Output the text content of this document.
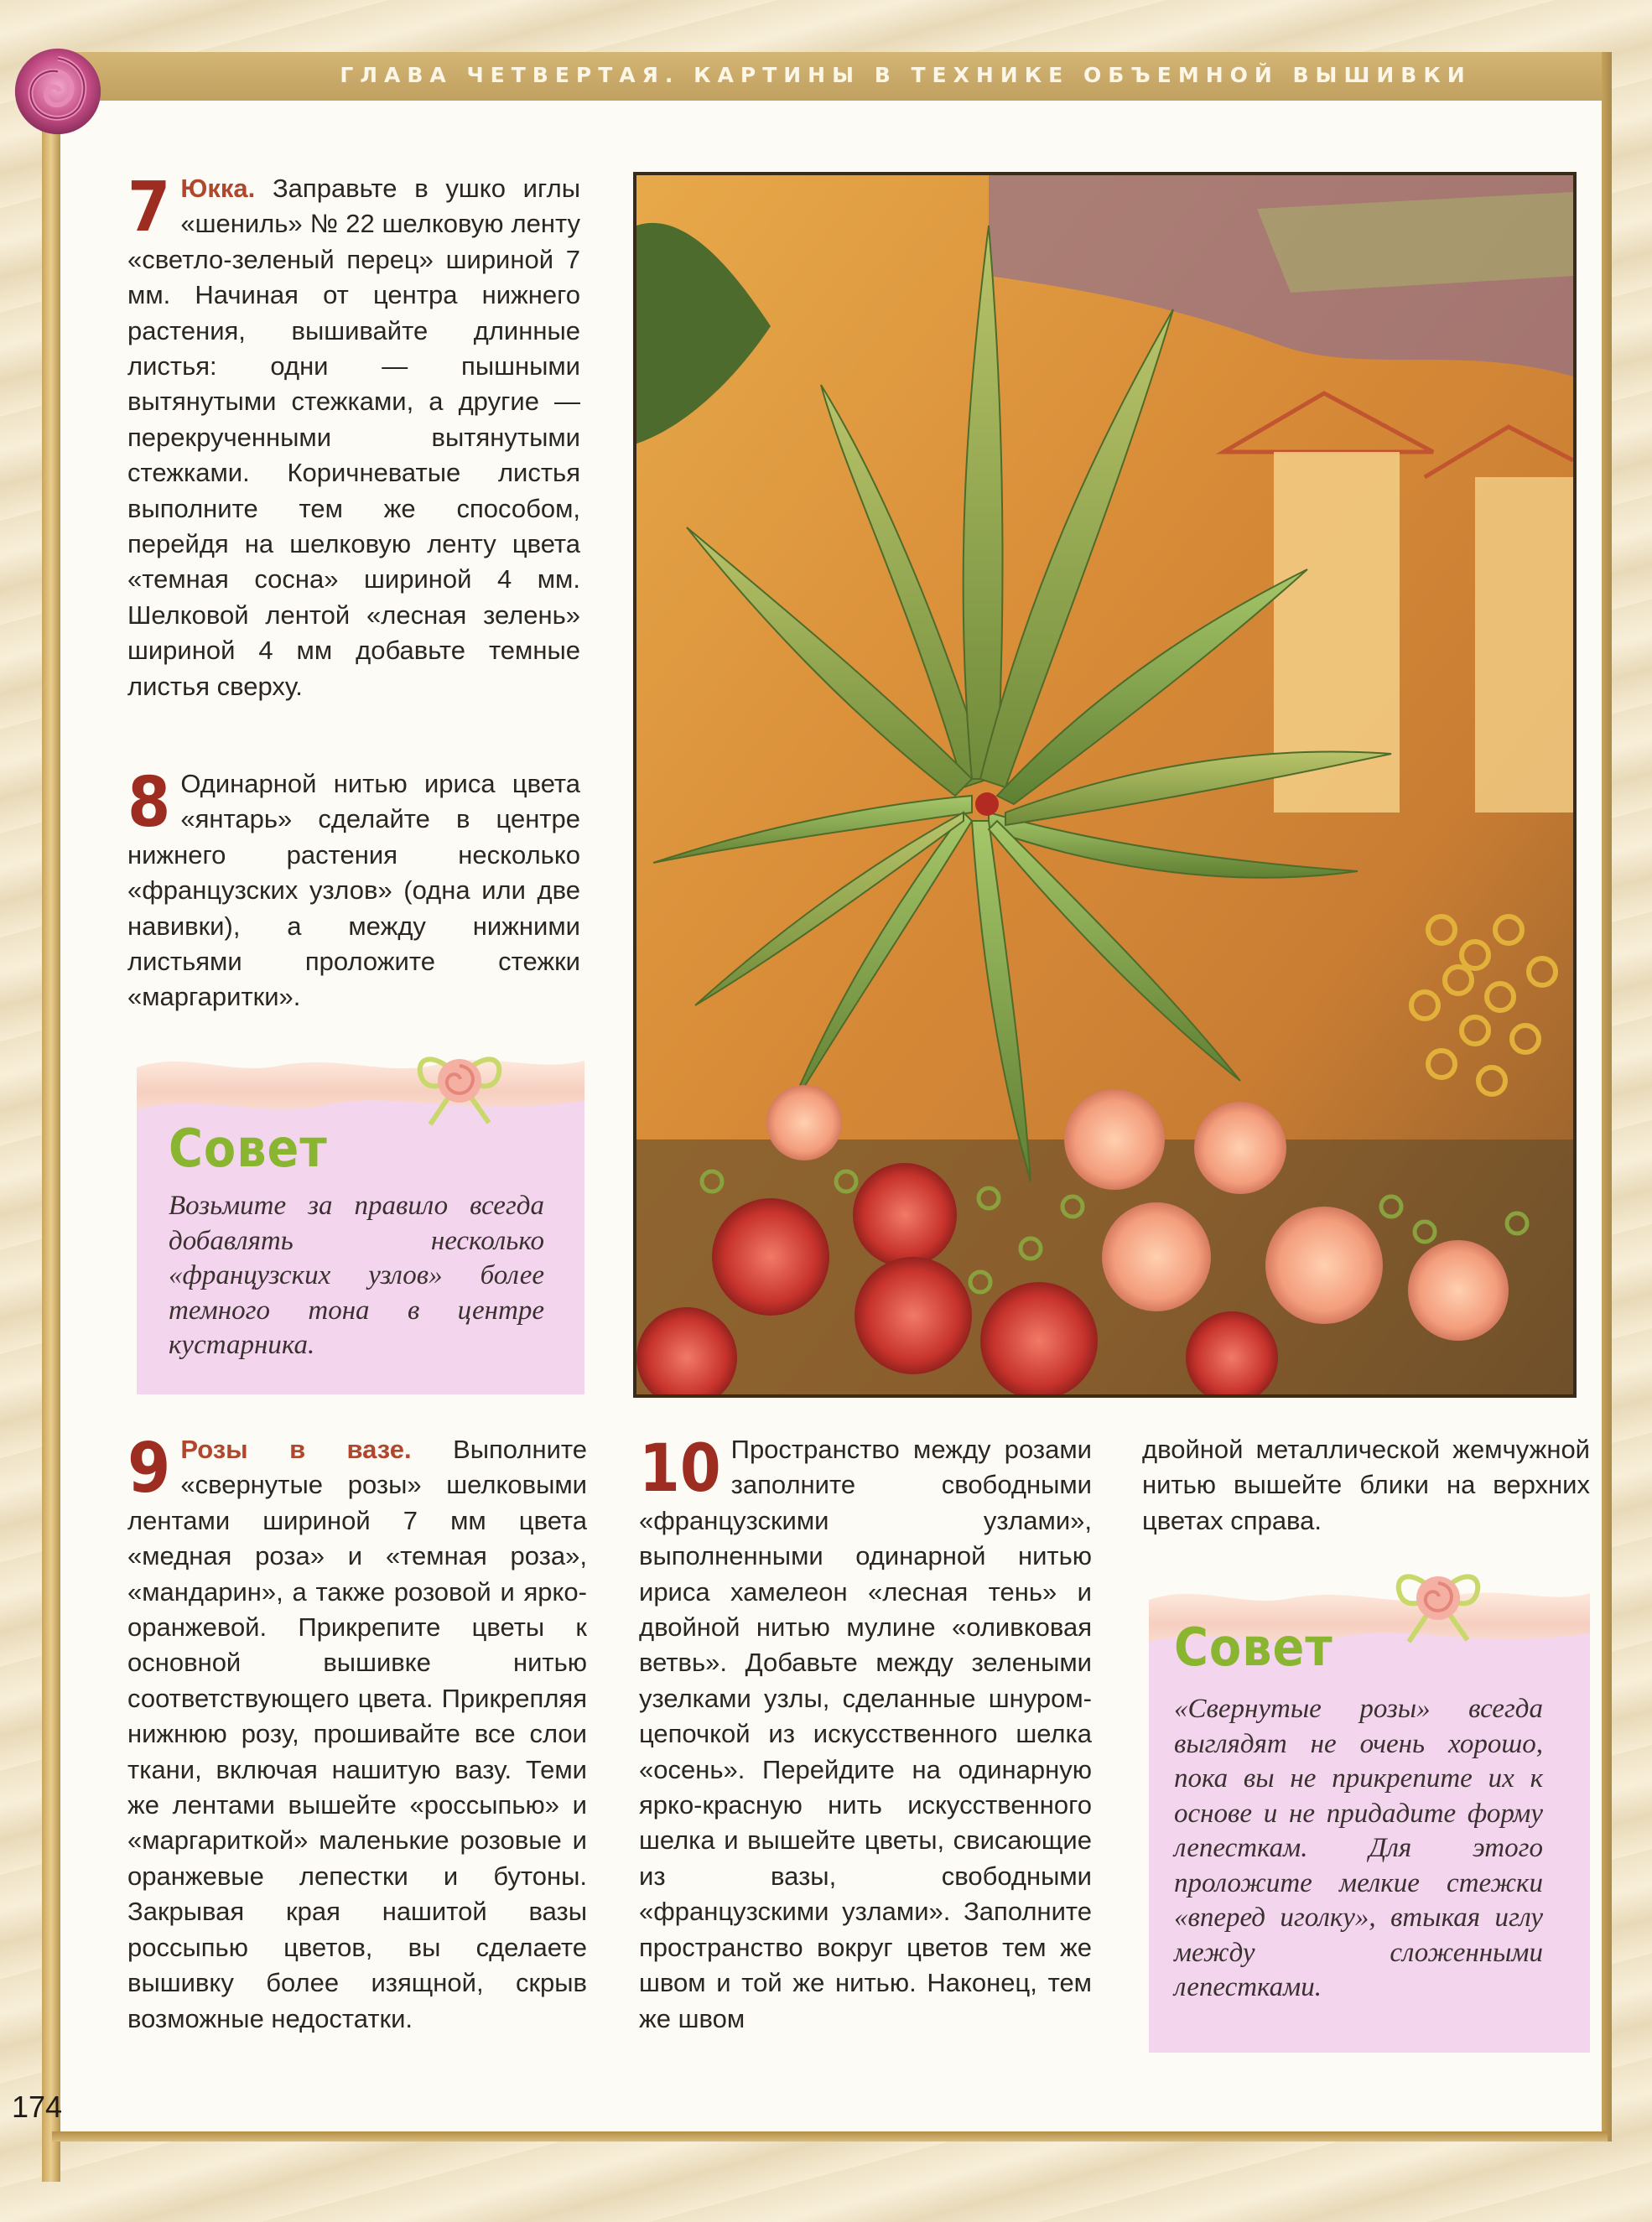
ГЛАВА ЧЕТВЕРТАЯ. КАРТИНЫ В ТЕХНИКЕ ОБЪЕМНОЙ ВЫШИВКИ
7 Юкка. Заправьте в ушко иглы «шениль» № 22 шелковую ленту «светло-зеленый перец» шириной 7 мм. Начиная от центра нижнего растения, вышивайте длинные листья: одни — пышными вытянутыми стежками, а другие — перекрученными вытянутыми стежками. Коричневатые листья выполните тем же способом, перейдя на шелковую ленту цвета «темная сосна» шириной 4 мм. Шелковой лентой «лесная зелень» шириной 4 мм добавьте темные листья сверху.
8 Одинарной нитью ириса цвета «янтарь» сделайте в центре нижнего растения несколько «французских узлов» (одна или две навивки), а между нижними листьями проложите стежки «маргаритки».
Совет
Возьмите за правило всегда добавлять несколько «французских узлов» более темного тона в центре кустарника.
9 Розы в вазе. Выполните «свернутые розы» шелковыми лентами шириной 7 мм цвета «медная роза» и «темная роза», «мандарин», а также розовой и ярко-оранжевой. Прикрепите цветы к основной вышивке нитью соответствующего цвета. Прикрепляя нижнюю розу, прошивайте все слои ткани, включая нашитую вазу. Теми же лентами вышейте «россыпью» и «маргариткой» маленькие розовые и оранжевые лепестки и бутоны. Закрывая края нашитой вазы россыпью цветов, вы сделаете вышивку более изящной, скрыв возможные недостатки.
10 Пространство между розами заполните свободными «французскими узлами», выполненными одинарной нитью ириса хамелеон «лесная тень» и двойной нитью мулине «оливковая ветвь». Добавьте между зелеными узелками узлы, сделанные шнуром-цепочкой из искусственного шелка «осень». Перейдите на одинарную ярко-красную нить искусственного шелка и вышейте цветы, свисающие из вазы, свободными «французскими узлами». Заполните пространство вокруг цветов тем же швом и той же нитью. Наконец, тем же швом
двойной металлической жемчужной нитью вышейте блики на верхних цветах справа.
Совет
«Свернутые розы» всегда выглядят не очень хорошо, пока вы не прикрепите их к основе и не придадите форму лепесткам. Для этого проложите мелкие стежки «вперед иголку», втыкая иглу между сложенными лепестками.
174
